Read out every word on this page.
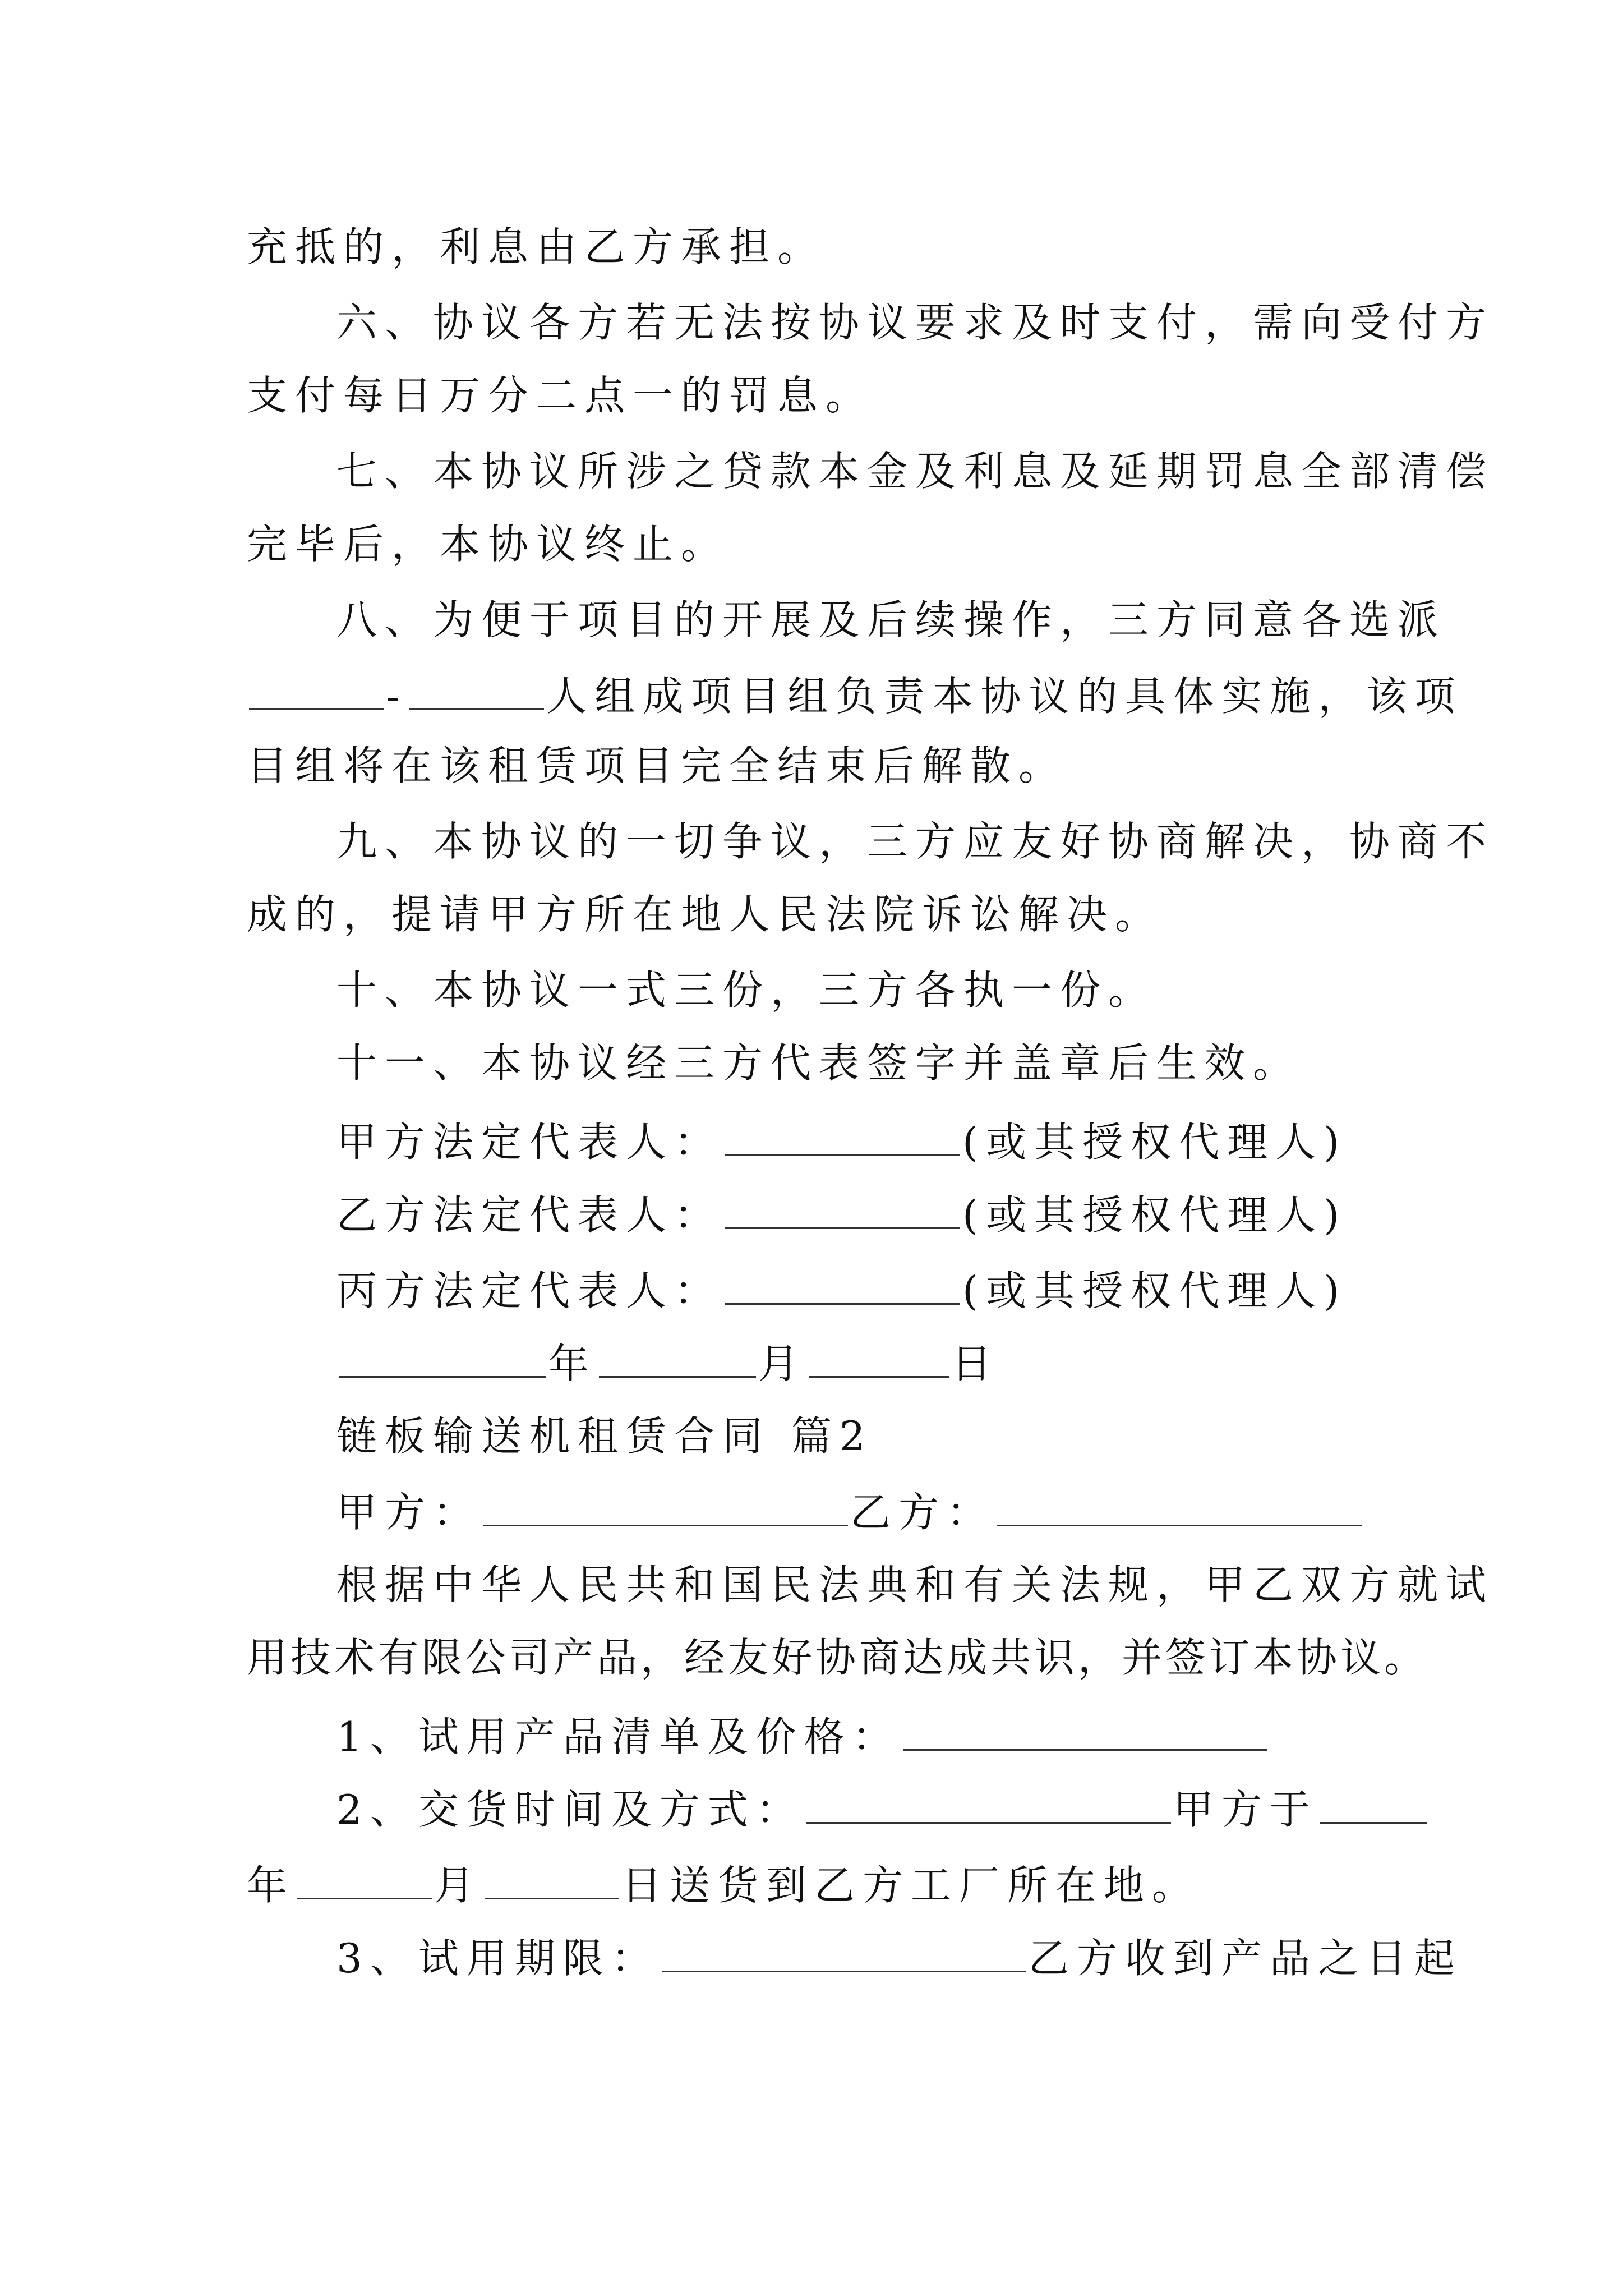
充抵的，利息由乙方承担。
六、协议各方若无法按协议要求及时支付，需向受付方
支付每日万分二点一的罚息。
七、本协议所涉之贷款本金及利息及延期罚息全部清偿
完毕后，本协议终止。
八、为便于项目的开展及后续操作，三方同意各选派
-	人组成项目组负责本协议的具体实施，该项
目组将在该租赁项目完全结束后解散。
九、本协议的一切争议，三方应友好协商解决，协商不
成的，提请甲方所在地人民法院诉讼解决。
十、本协议一式三份，三方各执一份。
十一、本协议经三方代表签字并盖章后生效。
甲方法定代表人：	(或其授权代理人)
乙方法定代表人：	(或其授权代理人)
丙方法定代表人：	(或其授权代理人)
年	月	日
链板输送机租赁合同 篇2
甲方：	乙方：
根据中华人民共和国民法典和有关法规，甲乙双方就试
用技术有限公司产品，经友好协商达成共识，并签订本协议。
1、试用产品清单及价格：
2、交货时间及方式：	甲方于
年	月	日送货到乙方工厂所在地。
3、试用期限：	乙方收到产品之日起
